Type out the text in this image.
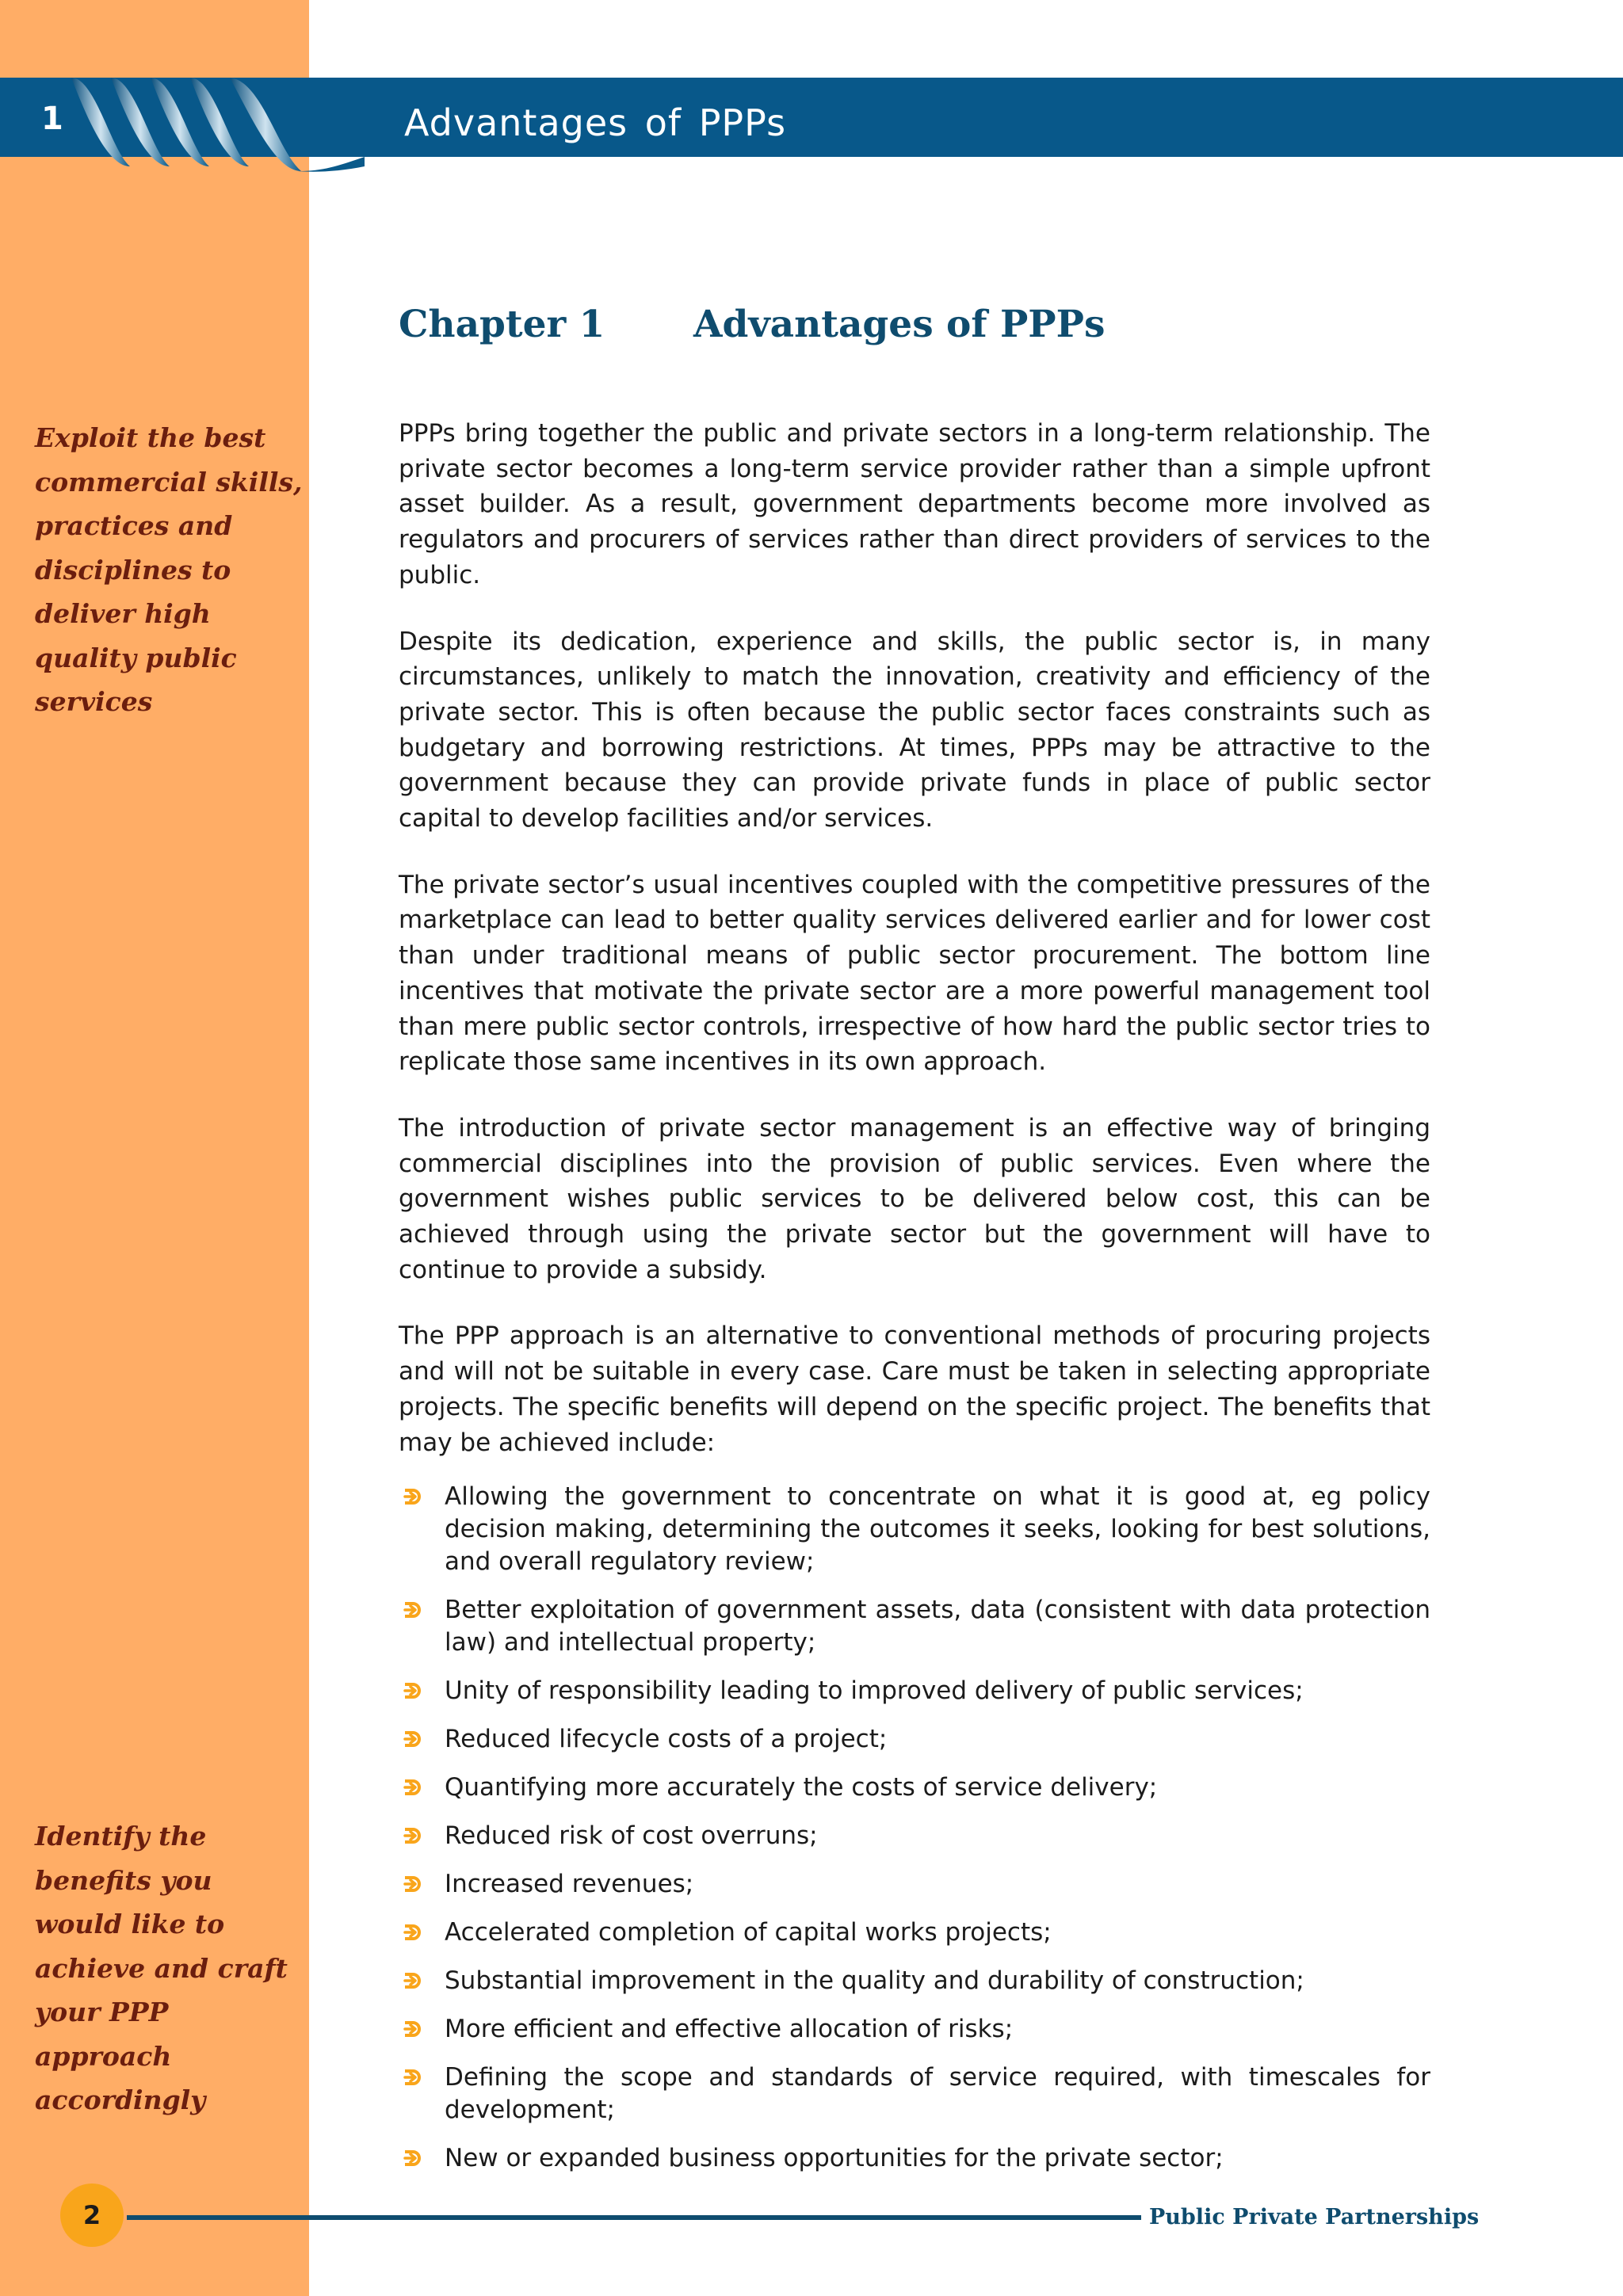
1	Advantages of PPPs
Chapter 1 Advantages of PPPs
Exploit the best commercial skills, practices and disciplines to deliver high quality public services
Identify the benefits you would like to achieve and craft your PPP approach accordingly

PPPs bring together the public and private sectors in a long-term relationship. The private sector becomes a long-term service provider rather than a simple upfront asset builder. As a result, government departments become more involved as regulators and procurers of services rather than direct providers of services to the public.

Despite its dedication, experience and skills, the public sector is, in many circumstances, unlikely to match the innovation, creativity and efficiency of the private sector. This is often because the public sector faces constraints such as budgetary and borrowing restrictions. At times, PPPs may be attractive to the government because they can provide private funds in place of public sector capital to develop facilities and/or services.

The private sector’s usual incentives coupled with the competitive pressures of the marketplace can lead to better quality services delivered earlier and for lower cost than under traditional means of public sector procurement. The bottom line incentives that motivate the private sector are a more powerful management tool than mere public sector controls, irrespective of how hard the public sector tries to replicate those same incentives in its own approach.

The introduction of private sector management is an effective way of bringing commercial disciplines into the provision of public services. Even where the government wishes public services to be delivered below cost, this can be achieved through using the private sector but the government will have to continue to provide a subsidy.

The PPP approach is an alternative to conventional methods of procuring projects and will not be suitable in every case. Care must be taken in selecting appropriate projects. The specific benefits will depend on the specific project. The benefits that may be achieved include:

Allowing the government to concentrate on what it is good at, eg policy decision making, determining the outcomes it seeks, looking for best solutions, and overall regulatory review;
Better exploitation of government assets, data (consistent with data protection law) and intellectual property;
Unity of responsibility leading to improved delivery of public services;
Reduced lifecycle costs of a project;
Quantifying more accurately the costs of service delivery;
Reduced risk of cost overruns;
Increased revenues;
Accelerated completion of capital works projects;
Substantial improvement in the quality and durability of construction;
More efficient and effective allocation of risks;
Defining the scope and standards of service required, with timescales for development;
New or expanded business opportunities for the private sector;
2	Public Private Partnerships
